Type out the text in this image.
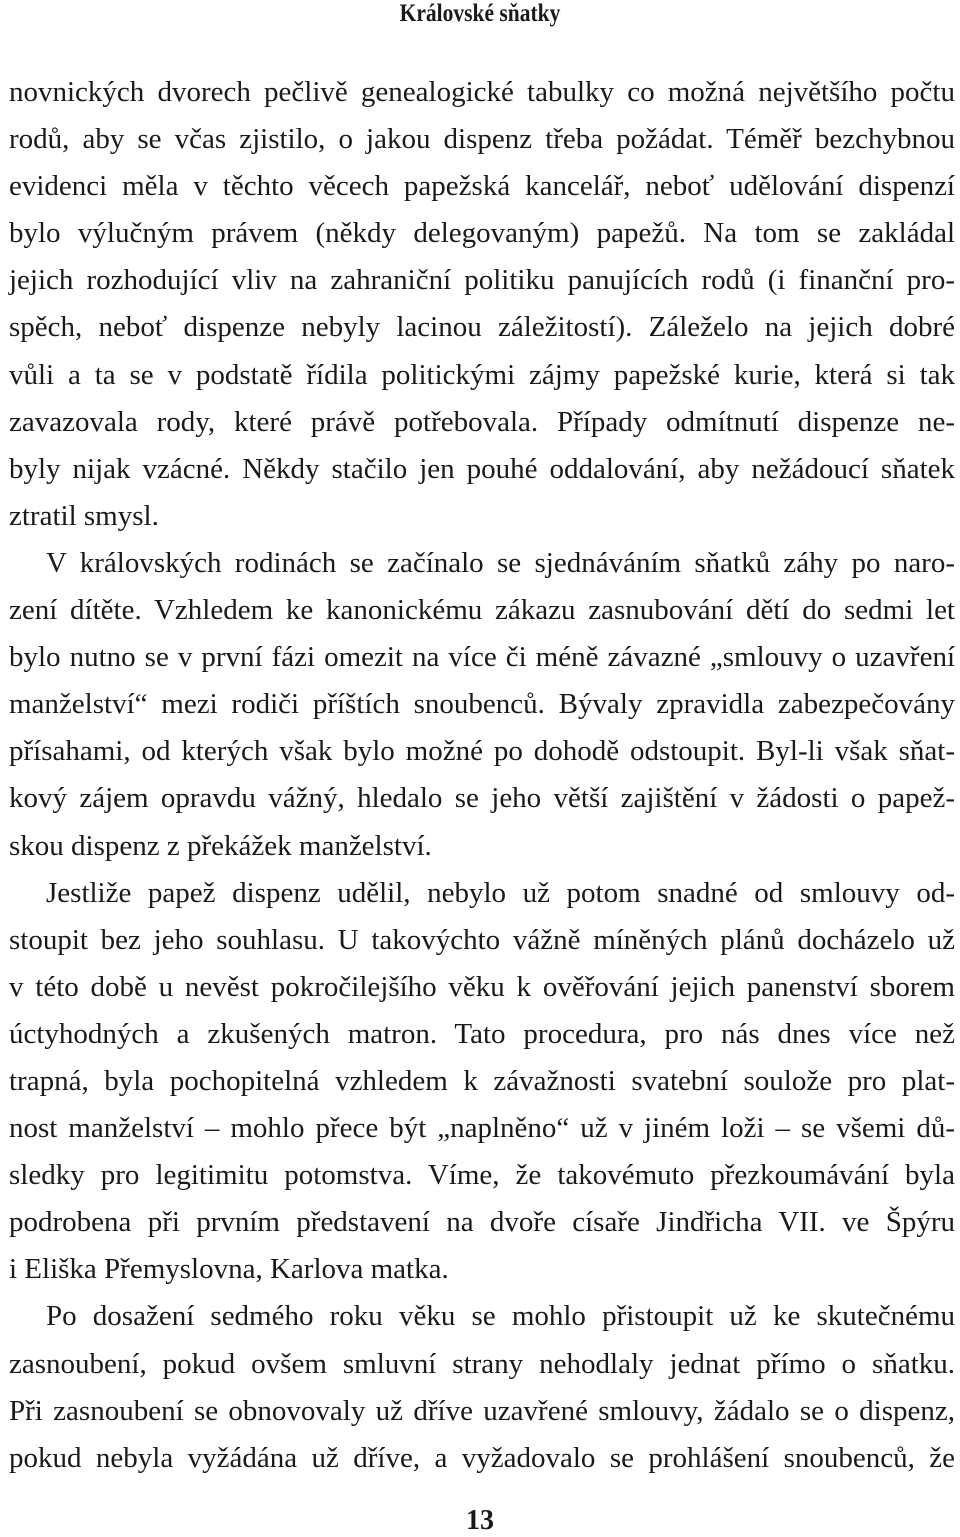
Královské sňatky
novnických dvorech pečlivě genealogické tabulky co možná největšího počtu
rodů, aby se včas zjistilo, o jakou dispenz třeba požádat. Téměř bezchybnou
evidenci měla v těchto věcech papežská kancelář, neboť udělování dispenzí
bylo výlučným právem (někdy delegovaným) papežů. Na tom se zakládal
jejich rozhodující vliv na zahraniční politiku panujících rodů (i finanční pro-
spěch, neboť dispenze nebyly lacinou záležitostí). Záleželo na jejich dobré
vůli a ta se v podstatě řídila politickými zájmy papežské kurie, která si tak
zavazovala rody, které právě potřebovala. Případy odmítnutí dispenze ne-
byly nijak vzácné. Někdy stačilo jen pouhé oddalování, aby nežádoucí sňatek
ztratil smysl.
V královských rodinách se začínalo se sjednáváním sňatků záhy po naro-
zení dítěte. Vzhledem ke kanonickému zákazu zasnubování dětí do sedmi let
bylo nutno se v první fázi omezit na více či méně závazné „smlouvy o uzavření
manželství“ mezi rodiči příštích snoubenců. Bývaly zpravidla zabezpečovány
přísahami, od kterých však bylo možné po dohodě odstoupit. Byl-li však sňat-
kový zájem opravdu vážný, hledalo se jeho větší zajištění v žádosti o papež-
skou dispenz z překážek manželství.
Jestliže papež dispenz udělil, nebylo už potom snadné od smlouvy od-
stoupit bez jeho souhlasu. U takovýchto vážně míněných plánů docházelo už
v této době u nevěst pokročilejšího věku k ověřování jejich panenství sborem
úctyhodných a zkušených matron. Tato procedura, pro nás dnes více než
trapná, byla pochopitelná vzhledem k závažnosti svatební soulože pro plat-
nost manželství – mohlo přece být „naplněno“ už v jiném loži – se všemi dů-
sledky pro legitimitu potomstva. Víme, že takovémuto přezkoumávání byla
podrobena při prvním představení na dvoře císaře Jindřicha VII. ve Špýru
i Eliška Přemyslovna, Karlova matka.
Po dosažení sedmého roku věku se mohlo přistoupit už ke skutečnému
zasnoubení, pokud ovšem smluvní strany nehodlaly jednat přímo o sňatku.
Při zasnoubení se obnovovaly už dříve uzavřené smlouvy, žádalo se o dispenz,
pokud nebyla vyžádána už dříve, a vyžadovalo se prohlášení snoubenců, že
13
